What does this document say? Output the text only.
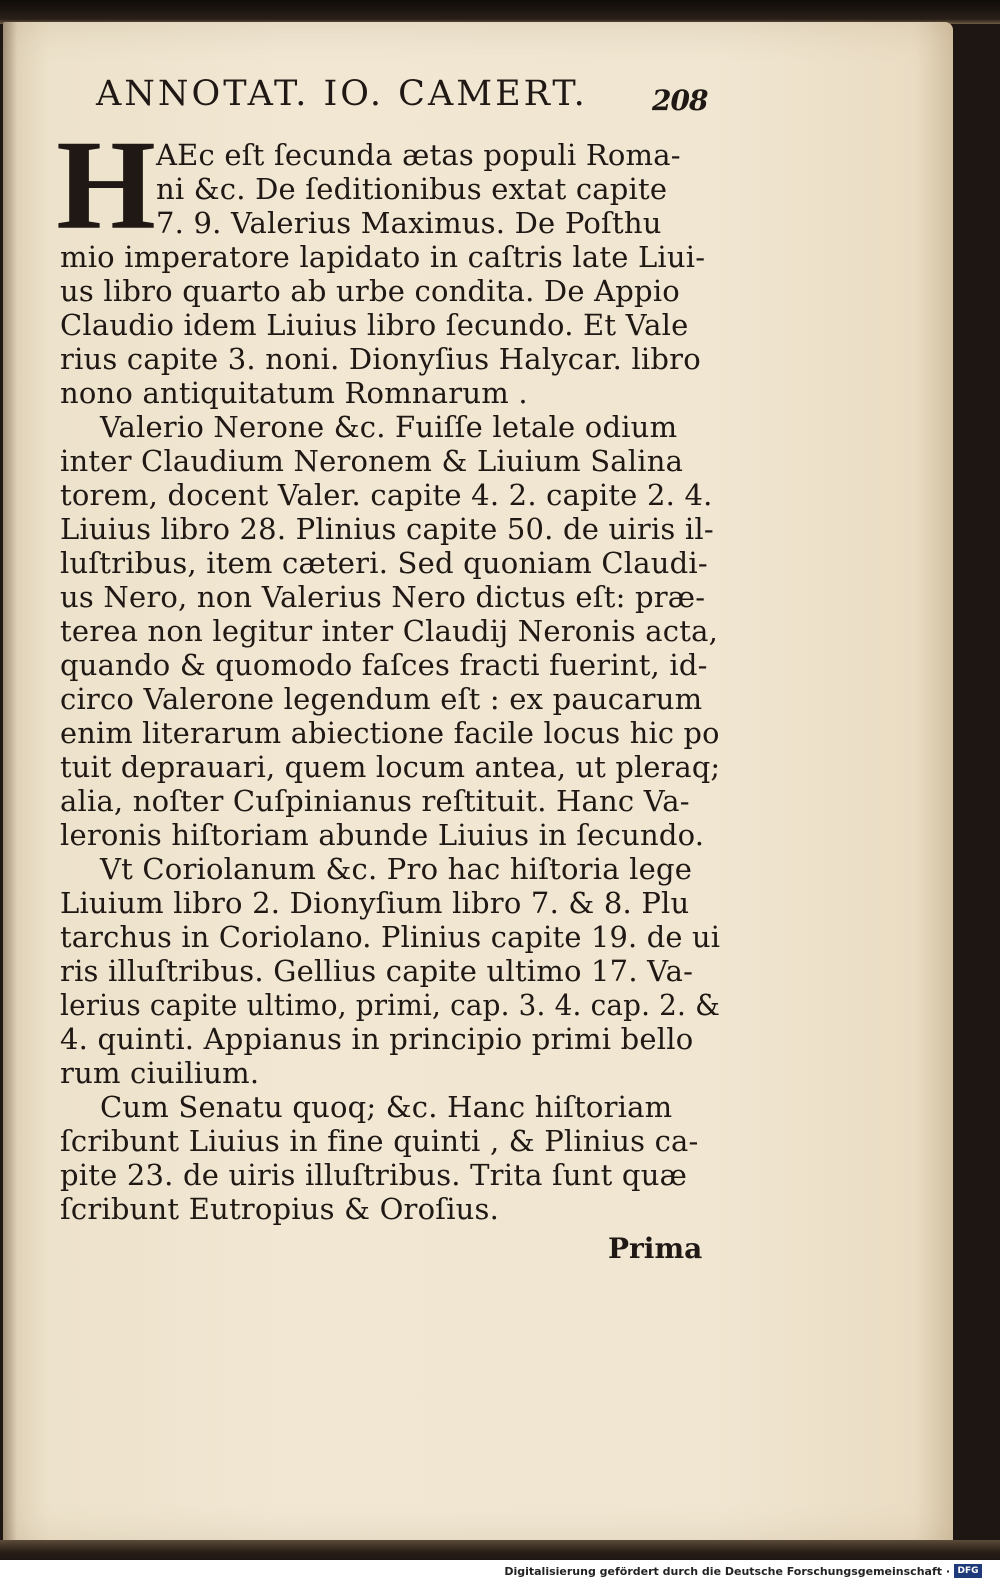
ANNOTAT. IO. CAMERT.	208
H AEc eſt ſecunda ætas populi Roma-
ni &c. De ſeditionibus extat capite
7. 9. Valerius Maximus. De Poſthu
mio imperatore lapidato in caſtris late Liui-
us libro quarto ab urbe condita. De Appio
Claudio idem Liuius libro ſecundo. Et Vale
rius capite 3. noni. Dionyſius Halycar. libro
nono antiquitatum Romnarum .
Valerio Nerone &c. Fuiſſe letale odium
inter Claudium Neronem & Liuium Salina
torem, docent Valer. capite 4. 2. capite 2. 4.
Liuius libro 28. Plinius capite 50. de uiris il-
luſtribus, item cæteri. Sed quoniam Claudi-
us Nero, non Valerius Nero dictus eſt: præ-
terea non legitur inter Claudij Neronis acta,
quando & quomodo faſces fracti fuerint, id-
circo Valerone legendum eſt : ex paucarum
enim literarum abiectione facile locus hic po
tuit deprauari, quem locum antea, ut pleraq;
alia, noſter Cuſpinianus reſtituit. Hanc Va-
leronis hiſtoriam abunde Liuius in ſecundo.
Vt Coriolanum &c. Pro hac hiſtoria lege
Liuium libro 2. Dionyſium libro 7. & 8. Plu
tarchus in Coriolano. Plinius capite 19. de ui
ris illuſtribus. Gellius capite ultimo 17. Va-
lerius capite ultimo, primi, cap. 3. 4. cap. 2. &
4. quinti. Appianus in principio primi bello
rum ciuilium.
Cum Senatu quoq; &c. Hanc hiſtoriam
ſcribunt Liuius in fine quinti , & Plinius ca-
pite 23. de uiris illuſtribus. Trita ſunt quæ
ſcribunt Eutropius & Oroſius.
Prima
Digitalisierung gefördert durch die Deutsche Forschungsgemeinschaft · DFG
